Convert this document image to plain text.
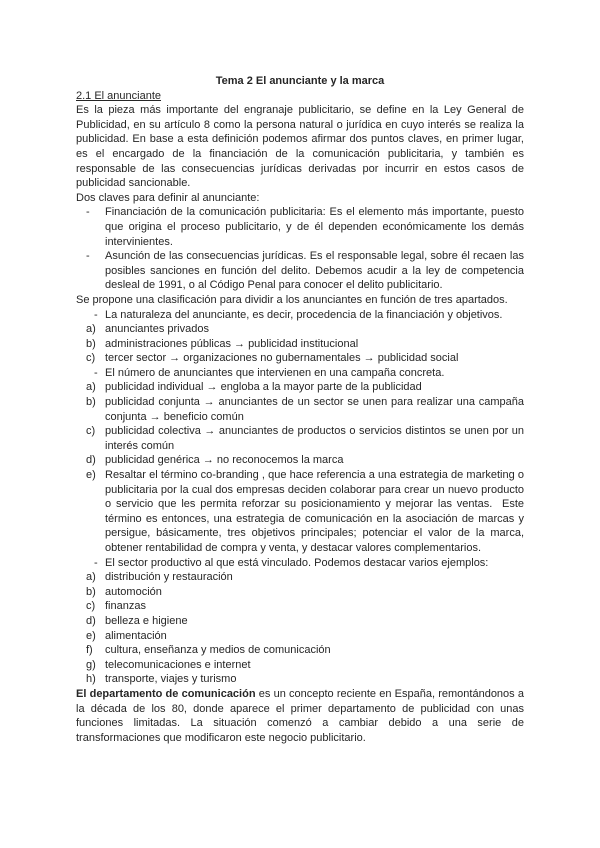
Tema 2 El anunciante y la marca

2.1 El anunciante

Es la pieza más importante del engranaje publicitario, se define en la Ley General de Publicidad, en su artículo 8 como la persona natural o jurídica en cuyo interés se realiza la publicidad. En base a esta definición podemos afirmar dos puntos claves, en primer lugar, es el encargado de la financiación de la comunicación publicitaria, y también es responsable de las consecuencias jurídicas derivadas por incurrir en estos casos de publicidad sancionable.

Dos claves para definir al anunciante:

-	Financiación de la comunicación publicitaria: Es el elemento más importante, puesto que origina el proceso publicitario, y de él dependen económicamente los demás intervinientes.
-	Asunción de las consecuencias jurídicas. Es el responsable legal, sobre él recaen las posibles sanciones en función del delito. Debemos acudir a la ley de competencia desleal de 1991, o al Código Penal para conocer el delito publicitario.

Se propone una clasificación para dividir a los anunciantes en función de tres apartados.

- La naturaleza del anunciante, es decir, procedencia de la financiación y objetivos.
a) anunciantes privados
b) administraciones públicas → publicidad institucional
c) tercer sector → organizaciones no gubernamentales → publicidad social
- El número de anunciantes que intervienen en una campaña concreta.
a) publicidad individual → engloba a la mayor parte de la publicidad
b) publicidad conjunta → anunciantes de un sector se unen para realizar una campaña conjunta → beneficio común
c) publicidad colectiva → anunciantes de productos o servicios distintos se unen por un interés común
d) publicidad genérica → no reconocemos la marca
e) Resaltar el término co-branding , que hace referencia a una estrategia de marketing o publicitaria por la cual dos empresas deciden colaborar para crear un nuevo producto o servicio que les permita reforzar su posicionamiento y mejorar las ventas.  Este término es entonces, una estrategia de comunicación en la asociación de marcas y persigue, básicamente, tres objetivos principales; potenciar el valor de la marca, obtener rentabilidad de compra y venta, y destacar valores complementarios.
- El sector productivo al que está vinculado. Podemos destacar varios ejemplos:
a) distribución y restauración
b) automoción
c) finanzas
d) belleza e higiene
e) alimentación
f)	cultura, enseñanza y medios de comunicación
g) telecomunicaciones e internet
h) transporte, viajes y turismo

El departamento de comunicación es un concepto reciente en España, remontándonos a la década de los 80, donde aparece el primer departamento de publicidad con unas funciones limitadas. La situación comenzó a cambiar debido a una serie de transformaciones que modificaron este negocio publicitario.
